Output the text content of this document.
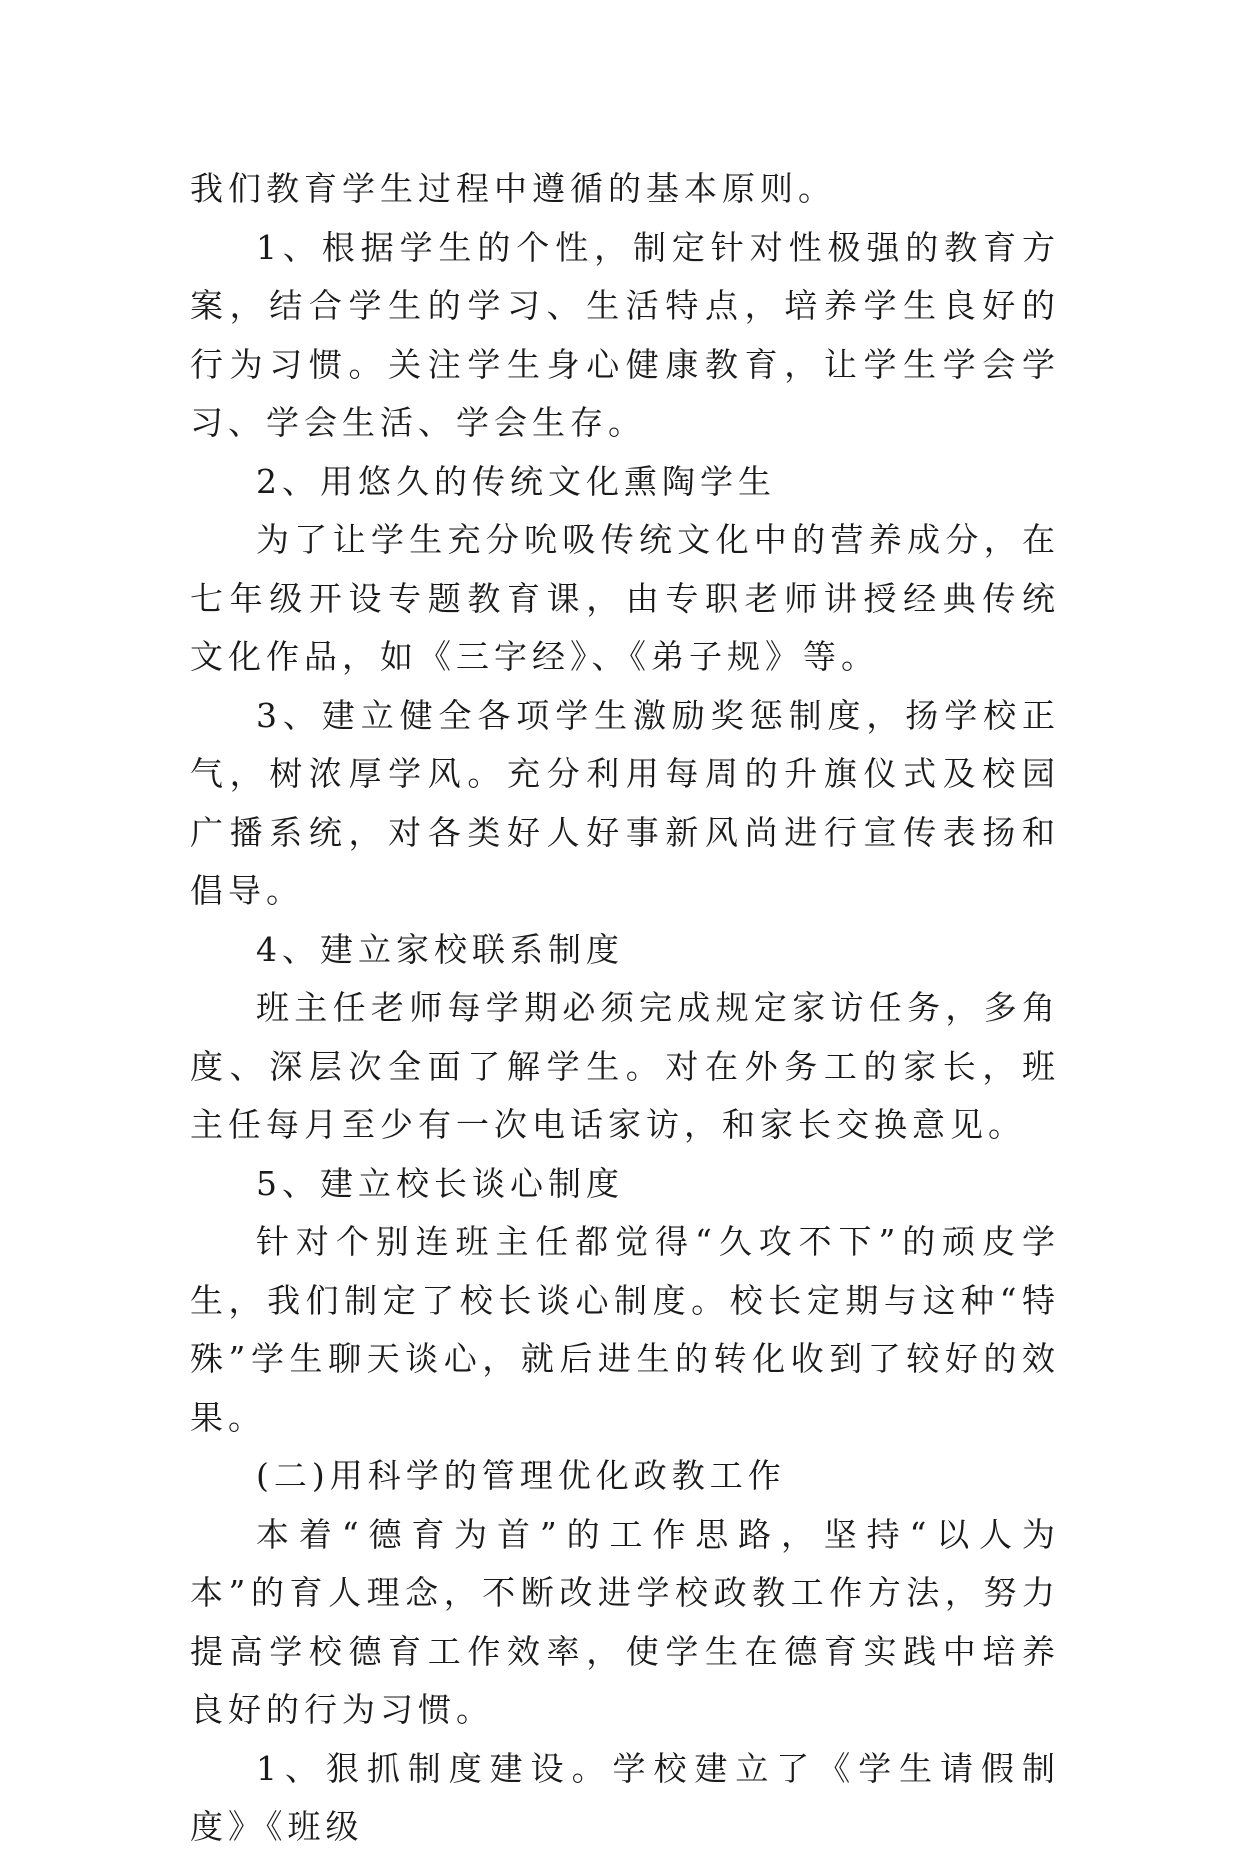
我们教育学生过程中遵循的基本原则。

1、根据学生的个性，制定针对性极强的教育方案，结合学生的学习、生活特点，培养学生良好的行为习惯。关注学生身心健康教育，让学生学会学习、学会生活、学会生存。

2、用悠久的传统文化熏陶学生

为了让学生充分吮吸传统文化中的营养成分，在七年级开设专题教育课，由专职老师讲授经典传统文化作品，如《三字经》、《弟子规》等。

3、建立健全各项学生激励奖惩制度，扬学校正气，树浓厚学风。充分利用每周的升旗仪式及校园广播系统，对各类好人好事新风尚进行宣传表扬和倡导。

4、建立家校联系制度

班主任老师每学期必须完成规定家访任务，多角度、深层次全面了解学生。对在外务工的家长，班主任每月至少有一次电话家访，和家长交换意见。

5、建立校长谈心制度

针对个别连班主任都觉得“久攻不下”的顽皮学生，我们制定了校长谈心制度。校长定期与这种“特殊”学生聊天谈心，就后进生的转化收到了较好的效果。

(二)用科学的管理优化政教工作

本着“德育为首”的工作思路，坚持“以人为本”的育人理念，不断改进学校政教工作方法，努力提高学校德育工作效率，使学生在德育实践中培养良好的行为习惯。

1、狠抓制度建设。学校建立了《学生请假制度》《班级
